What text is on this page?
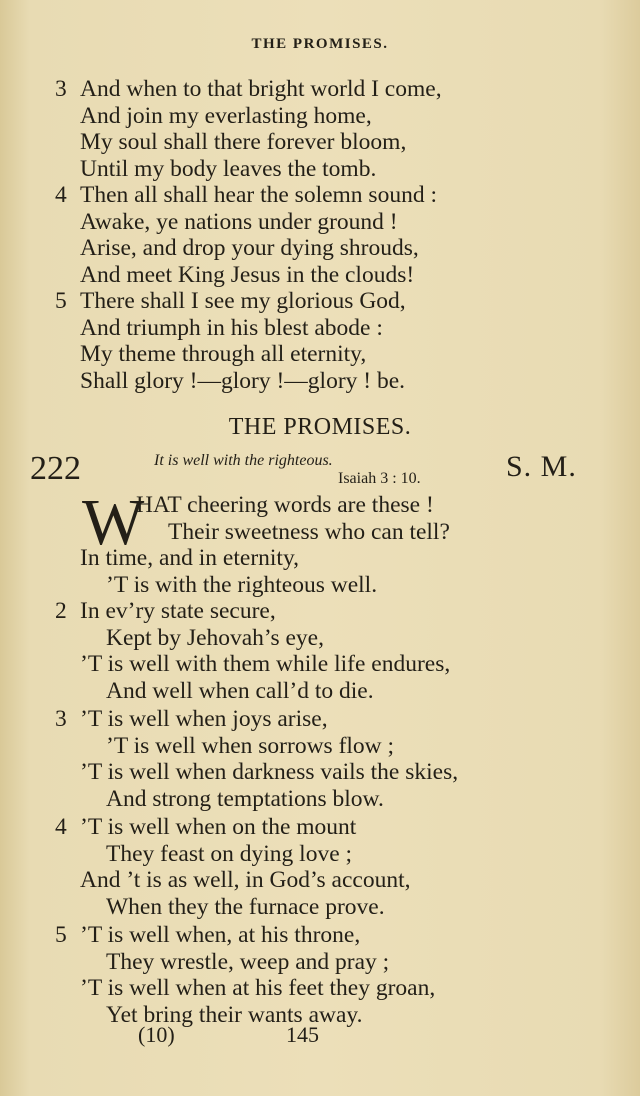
THE PROMISES.
3 And when to that bright world I come,
And join my everlasting home,
My soul shall there forever bloom,
Until my body leaves the tomb.
4 Then all shall hear the solemn sound :
Awake, ye nations under ground !
Arise, and drop your dying shrouds,
And meet King Jesus in the clouds!
5 There shall I see my glorious God,
And triumph in his blest abode :
My theme through all eternity,
Shall glory !—glory !—glory ! be.
THE PROMISES.
222	It is well with the righteous.
Isaiah 3 : 10.	S. M.
W
HAT cheering words are these !
Their sweetness who can tell?
In time, and in eternity,
’T is with the righteous well.
2 In ev’ry state secure,
Kept by Jehovah’s eye,
’T is well with them while life endures,
And well when call’d to die.
3 ’T is well when joys arise,
’T is well when sorrows flow ;
’T is well when darkness vails the skies,
And strong temptations blow.
4 ’T is well when on the mount
They feast on dying love ;
And ’t is as well, in God’s account,
When they the furnace prove.
5 ’T is well when, at his throne,
They wrestle, weep and pray ;
’T is well when at his feet they groan,
Yet bring their wants away.
(10)	145
